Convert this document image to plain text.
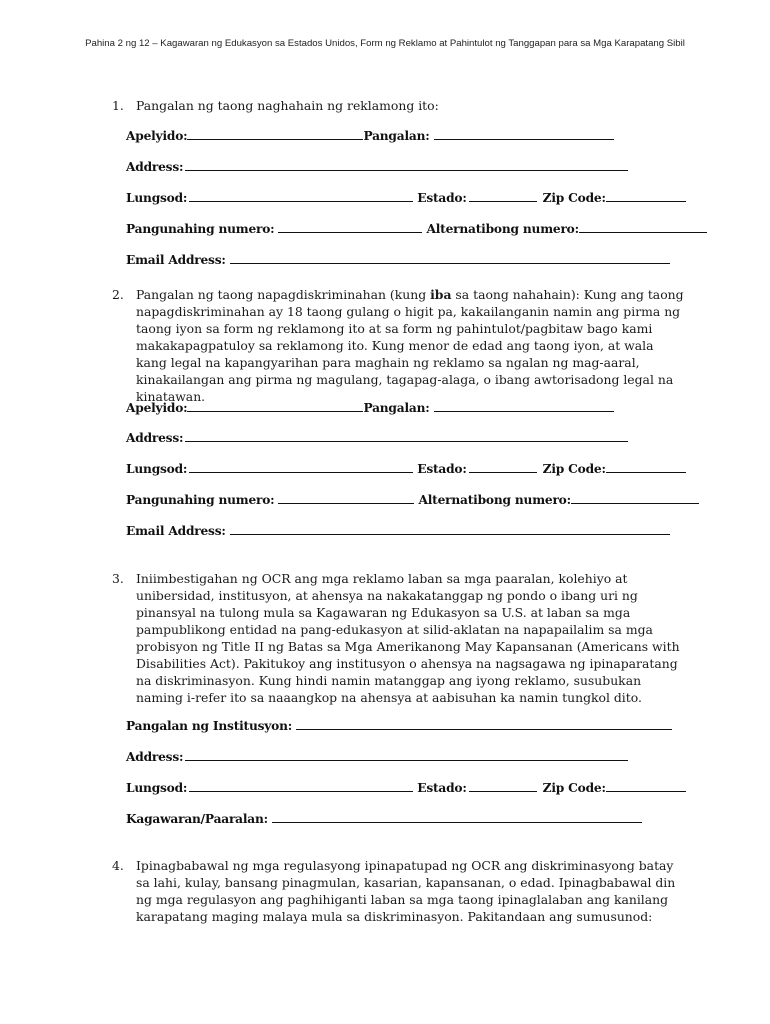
Pahina 2 ng 12 – Kagawaran ng Edukasyon sa Estados Unidos, Form ng Reklamo at Pahintulot ng Tanggapan para sa Mga Karapatang Sibil
1. Pangalan ng taong naghahain ng reklamong ito:
Apelyido:	Pangalan:
Address:
Lungsod:	Estado:	Zip Code:
Pangunahing numero:	Alternatibong numero:
Email Address:
2. Pangalan ng taong napagdiskriminahan (kung iba sa taong nahahain): Kung ang taong napagdiskriminahan ay 18 taong gulang o higit pa, kakailanganin namin ang pirma ng taong iyon sa form ng reklamong ito at sa form ng pahintulot/pagbitaw bago kami makakapagpatuloy sa reklamong ito. Kung menor de edad ang taong iyon, at wala kang legal na kapangyarihan para maghain ng reklamo sa ngalan ng mag-aaral, kinakailangan ang pirma ng magulang, tagapag-alaga, o ibang awtorisadong legal na kinatawan.
Apelyido:	Pangalan:
Address:
Lungsod:	Estado:	Zip Code:
Pangunahing numero:	Alternatibong numero:
Email Address:
3. Iniimbestigahan ng OCR ang mga reklamo laban sa mga paaralan, kolehiyo at unibersidad, institusyon, at ahensya na nakakatanggap ng pondo o ibang uri ng pinansyal na tulong mula sa Kagawaran ng Edukasyon sa U.S. at laban sa mga pampublikong entidad na pang-edukasyon at silid-aklatan na napapailalim sa mga probisyon ng Title II ng Batas sa Mga Amerikanong May Kapansanan (Americans with Disabilities Act). Pakitukoy ang institusyon o ahensya na nagsagawa ng ipinaparatang na diskriminasyon. Kung hindi namin matanggap ang iyong reklamo, susubukan naming i-refer ito sa naaangkop na ahensya at aabisuhan ka namin tungkol dito.
Pangalan ng Institusyon:
Address:
Lungsod:	Estado:	Zip Code:
Kagawaran/Paaralan:
4. Ipinagbabawal ng mga regulasyong ipinapatupad ng OCR ang diskriminasyong batay sa lahi, kulay, bansang pinagmulan, kasarian, kapansanan, o edad. Ipinagbabawal din ng mga regulasyon ang paghihiganti laban sa mga taong ipinaglalaban ang kanilang karapatang maging malaya mula sa diskriminasyon. Pakitandaan ang sumusunod:
